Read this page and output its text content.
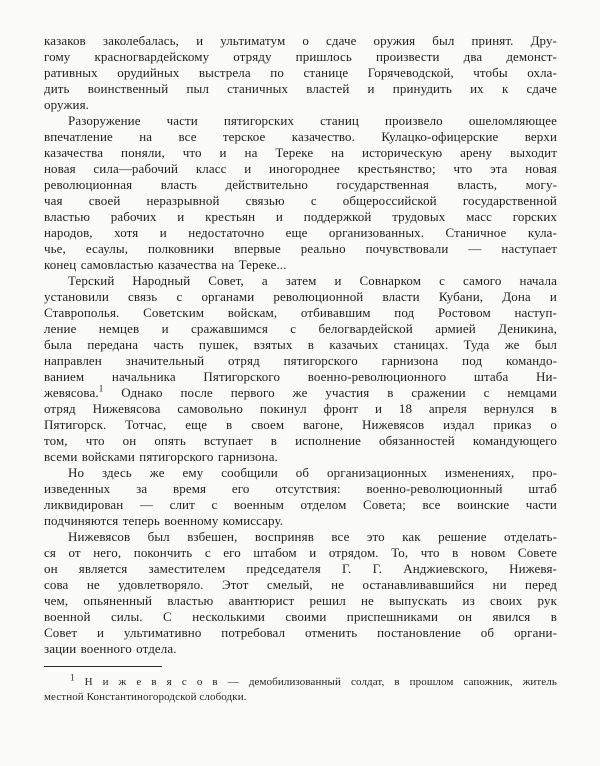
казаков заколебалась, и ультиматум о сдаче оружия был принят. Дру-
гому красногвардейскому отряду пришлось произвести два демонст-
ративных орудийных выстрела по станице Горячеводской, чтобы охла-
дить воинственный пыл станичных властей и принудить их к сдаче
оружия.
Разоружение части пятигорских станиц произвело ошеломляющее
впечатление на все терское казачество. Кулацко-офицерские верхи
казачества поняли, что и на Тереке на историческую арену выходит
новая сила—рабочий класс и иногороднее крестьянство; что эта новая
революционная власть действительно государственная власть, могу-
чая своей неразрывной связью с общероссийской государственной
властью рабочих и крестьян и поддержкой трудовых масс горских
народов, хотя и недостаточно еще организованных. Станичное кула-
чье, есаулы, полковники впервые реально почувствовали — наступает
конец самовластью казачества на Тереке...
Терский Народный Совет, а затем и Совнарком с самого начала
установили связь с органами революционной власти Кубани, Дона и
Ставрополья. Советским войскам, отбивавшим под Ростовом наступ-
ление немцев и сражавшимся с белогвардейской армией Деникина,
была передана часть пушек, взятых в казачьих станицах. Туда же был
направлен значительный отряд пятигорского гарнизона под командо-
ванием начальника Пятигорского военно-революционного штаба Ни-
жевясова.$^1$ Однако после первого же участия в сражении с немцами
отряд Нижевясова самовольно покинул фронт и 18 апреля вернулся в
Пятигорск. Тотчас, еще в своем вагоне, Нижевясов издал приказ о
том, что он опять вступает в исполнение обязанностей командующего
всеми войсками пятигорского гарнизона.
Но здесь же ему сообщили об организационных изменениях, про-
изведенных за время его отсутствия: военно-революционный штаб
ликвидирован — слит с военным отделом Совета; все воинские части
подчиняются теперь военному комиссару.
Нижевясов был взбешен, восприняв все это как решение отделать-
ся от него, покончить с его штабом и отрядом. То, что в новом Совете
он является заместителем председателя Г. Г. Анджиевского, Нижевя-
сова не удовлетворяло. Этот смелый, не останавливавшийся ни перед
чем, опьяненный властью авантюрист решил не выпускать из своих рук
военной силы. С несколькими своими приспешниками он явился в
Совет и ультимативно потребовал отменить постановление об органи-
зации военного отдела.
$^1$ Н и ж е в я с о в — демобилизованный солдат, в прошлом сапожник, житель
местной Константиногородской слободки.
